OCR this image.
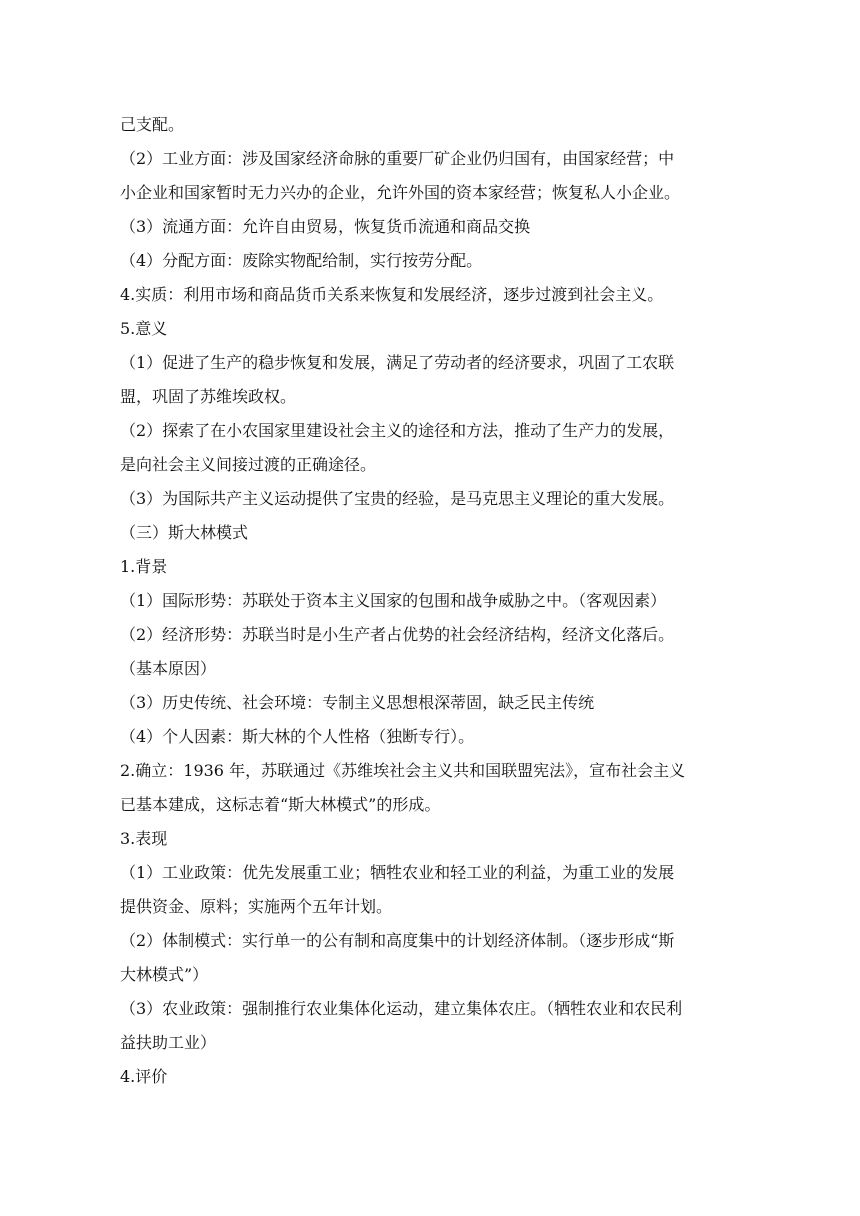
己支配。
（2）工业方面：涉及国家经济命脉的重要厂矿企业仍归国有，由国家经营；中
小企业和国家暂时无力兴办的企业，允许外国的资本家经营；恢复私人小企业。
（3）流通方面：允许自由贸易，恢复货币流通和商品交换
（4）分配方面：废除实物配给制，实行按劳分配。
4.实质：利用市场和商品货币关系来恢复和发展经济，逐步过渡到社会主义。
5.意义
（1）促进了生产的稳步恢复和发展，满足了劳动者的经济要求，巩固了工农联
盟，巩固了苏维埃政权。
（2）探索了在小农国家里建设社会主义的途径和方法，推动了生产力的发展，
是向社会主义间接过渡的正确途径。
（3）为国际共产主义运动提供了宝贵的经验，是马克思主义理论的重大发展。
（三）斯大林模式
1.背景
（1）国际形势：苏联处于资本主义国家的包围和战争威胁之中。（客观因素）
（2）经济形势：苏联当时是小生产者占优势的社会经济结构，经济文化落后。
（基本原因）
（3）历史传统、社会环境：专制主义思想根深蒂固，缺乏民主传统
（4）个人因素：斯大林的个人性格（独断专行）。
2.确立：1936 年，苏联通过《苏维埃社会主义共和国联盟宪法》，宣布社会主义
已基本建成，这标志着“斯大林模式”的形成。
3.表现
（1）工业政策：优先发展重工业；牺牲农业和轻工业的利益，为重工业的发展
提供资金、原料；实施两个五年计划。
（2）体制模式：实行单一的公有制和高度集中的计划经济体制。（逐步形成“斯
大林模式”）
（3）农业政策：强制推行农业集体化运动，建立集体农庄。（牺牲农业和农民利
益扶助工业）
4.评价
